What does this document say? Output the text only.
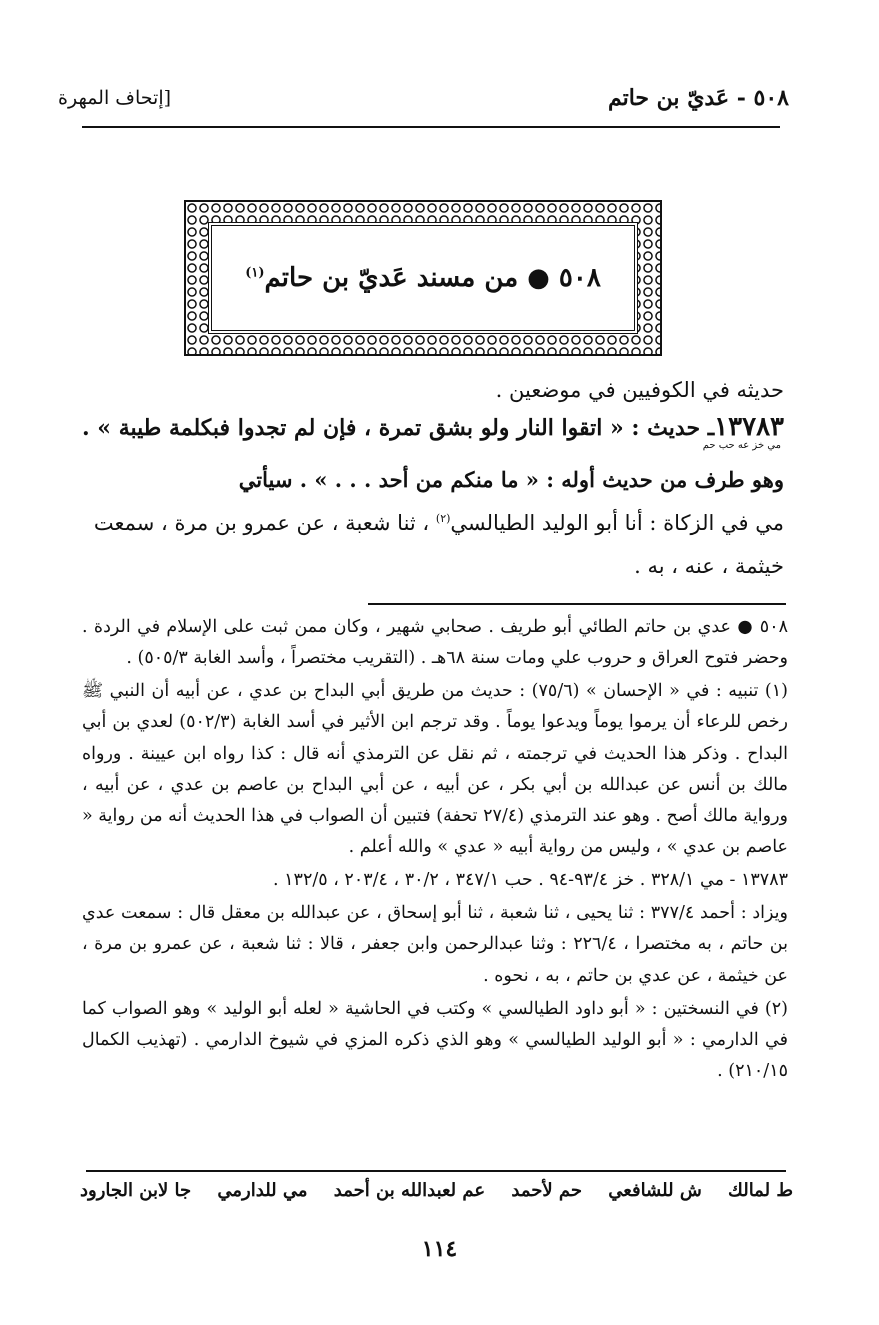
٥٠٨ - عَديّ بن حاتم
[إتحاف المهرة
٥٠٨ ● من مسند عَديّ بن حاتم$^{(١)}$
حديثه في الكوفيين في موضعين .
١٣٧٨٣ـ حديث : « اتقوا النار ولو بشق تمرة ، فإن لم تجدوا فبكلمة طيبة » .
مي خز عه حب حم
وهو طرف من حديث أوله : « ما منكم من أحد . . . » . سيأتي
مي في الزكاة : أنا أبو الوليد الطيالسي$^{(٢)}$ ، ثنا شعبة ، عن عمرو بن مرة ، سمعت
خيثمة ، عنه ، به .

٥٠٨ ● عدي بن حاتم الطائي أبو طريف . صحابي شهير ، وكان ممن ثبت على الإسلام في الردة . وحضر فتوح العراق و حروب علي ومات سنة ٦٨هـ . (التقريب مختصراً ، وأسد الغابة ٥٠٥/٣) .

(١) تنبيه : في « الإحسان » (٧٥/٦) : حديث من طريق أبي البداح بن عدي ، عن أبيه أن النبي ﷺ رخص للرعاء أن يرموا يوماً ويدعوا يوماً . وقد ترجم ابن الأثير في أسد الغابة (٥٠٢/٣) لعدي بن أبي البداح . وذكر هذا الحديث في ترجمته ، ثم نقل عن الترمذي أنه قال : كذا رواه ابن عيينة . ورواه مالك بن أنس عن عبدالله بن أبي بكر ، عن أبيه ، عن أبي البداح بن عاصم بن عدي ، عن أبيه ، ورواية مالك أصح . وهو عند الترمذي (٢٧/٤ تحفة) فتبين أن الصواب في هذا الحديث أنه من رواية « عاصم بن عدي » ، وليس من رواية أبيه « عدي » والله أعلم .

١٣٧٨٣ - مي ٣٢٨/١ . خز ٩٣/٤-٩٤ . حب ٣٤٧/١ ، ٣٠/٢ ، ٢٠٣/٤ ، ١٣٢/٥ .

ويزاد : أحمد ٣٧٧/٤ : ثنا يحيى ، ثنا شعبة ، ثنا أبو إسحاق ، عن عبدالله بن معقل قال : سمعت عدي بن حاتم ، به مختصرا ، ٢٢٦/٤ : وثنا عبدالرحمن وابن جعفر ، قالا : ثنا شعبة ، عن عمرو بن مرة ، عن خيثمة ، عن عدي بن حاتم ، به ، نحوه .

(٢) في النسختين : « أبو داود الطيالسي » وكتب في الحاشية « لعله أبو الوليد » وهو الصواب كما في الدارمي : « أبو الوليد الطيالسي » وهو الذي ذكره المزي في شيوخ الدارمي . (تهذيب الكمال ٢١٠/١٥) .

ط لمالك
ش للشافعي
حم لأحمد
عم لعبدالله بن أحمد
مي للدارمي
جا لابن الجارود
١١٤
